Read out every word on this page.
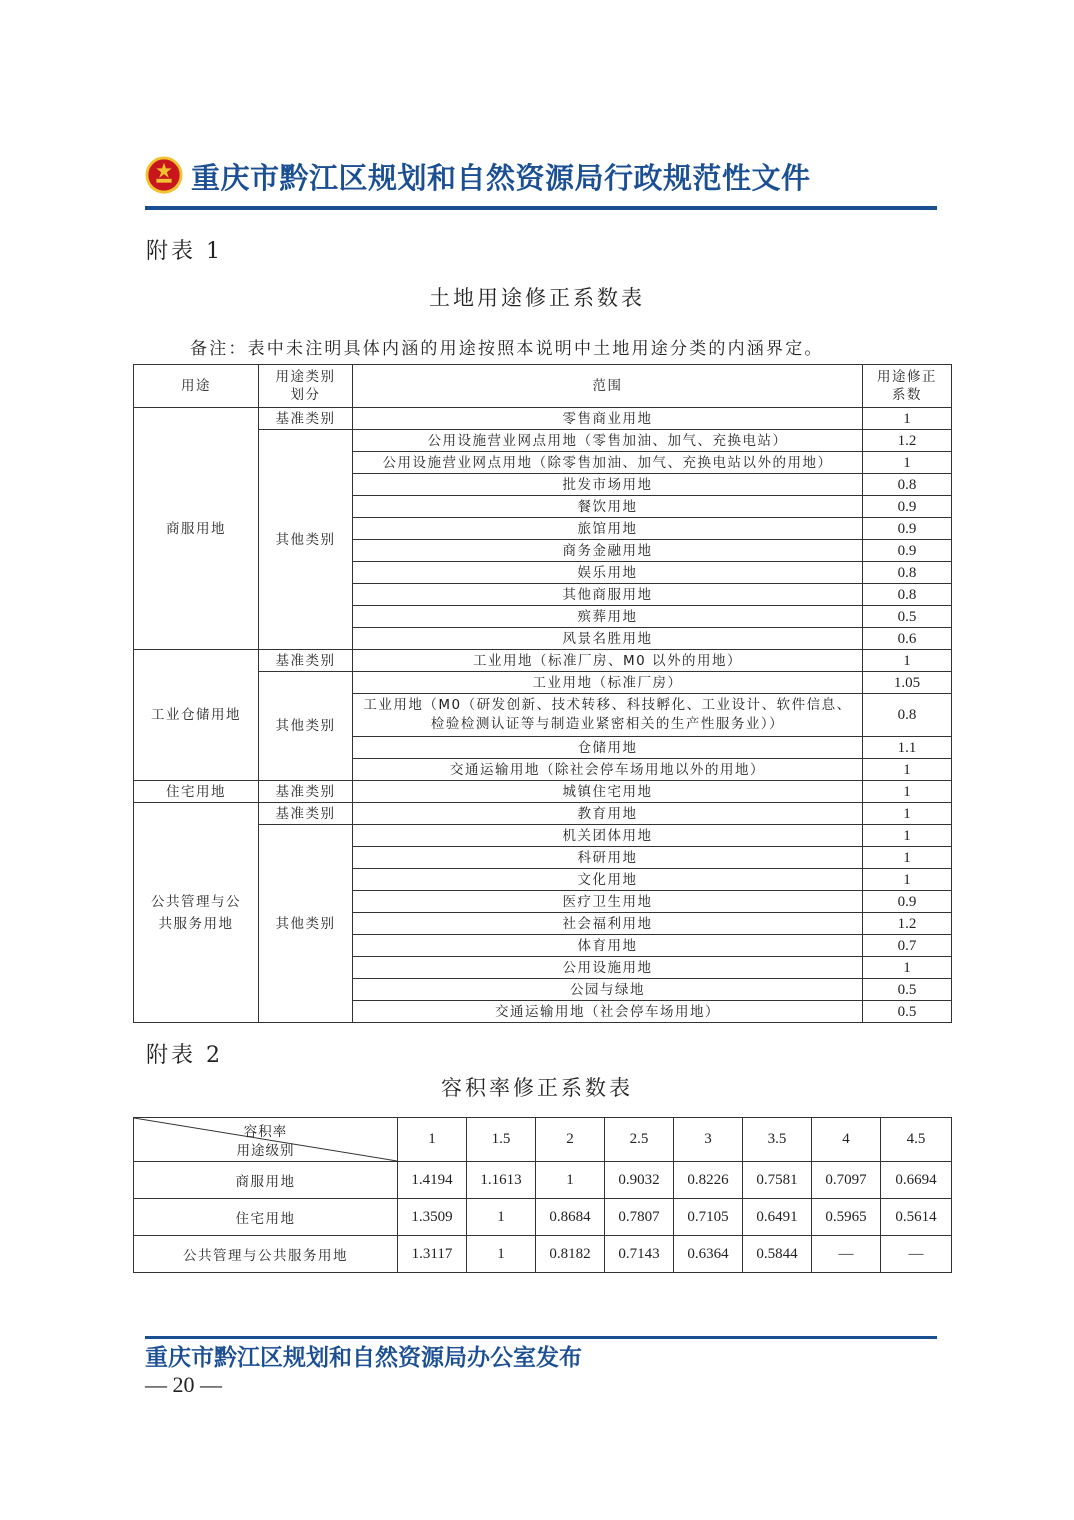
重庆市黔江区规划和自然资源局行政规范性文件
附表 1
土地用途修正系数表
备注：表中未注明具体内涵的用途按照本说明中土地用途分类的内涵界定。
用途	用途类别划分	范围	用途修正系数

商服用地	基准类别	零售商业用地	1
	其他类别	公用设施营业网点用地（零售加油、加气、充换电站）	1.2
		公用设施营业网点用地（除零售加油、加气、充换电站以外的用地）	1
		批发市场用地	0.8
		餐饮用地	0.9
		旅馆用地	0.9
		商务金融用地	0.9
		娱乐用地	0.8
		其他商服用地	0.8
		殡葬用地	0.5
		风景名胜用地	0.6
工业仓储用地	基准类别	工业用地（标准厂房、M0 以外的用地）	1
	其他类别	工业用地（标准厂房）	1.05

		工业用地（M0（研发创新、技术转移、科技孵化、工业设计、软件信息、检验检测认证等与制造业紧密相关的生产性服务业））	0.8
		仓储用地	1.1
		交通运输用地（除社会停车场用地以外的用地）	1
住宅用地	基准类别	城镇住宅用地	1

公共管理与公共服务用地	基准类别	教育用地	1
	其他类别	机关团体用地	1
		科研用地	1
		文化用地	1
		医疗卫生用地	0.9
		社会福利用地	1.2
		体育用地	0.7
		公用设施用地	1
		公园与绿地	0.5
		交通运输用地（社会停车场用地）	0.5
附表 2
容积率修正系数表
容积率
用途级别	1	1.5	2	2.5	3	3.5	4	4.5
商服用地	1.4194	1.1613	1	0.9032	0.8226	0.7581	0.7097	0.6694
住宅用地	1.3509	1	0.8684	0.7807	0.7105	0.6491	0.5965	0.5614
公共管理与公共服务用地	1.3117	1	0.8182	0.7143	0.6364	0.5844	—	—
重庆市黔江区规划和自然资源局办公室发布
— 20 —
